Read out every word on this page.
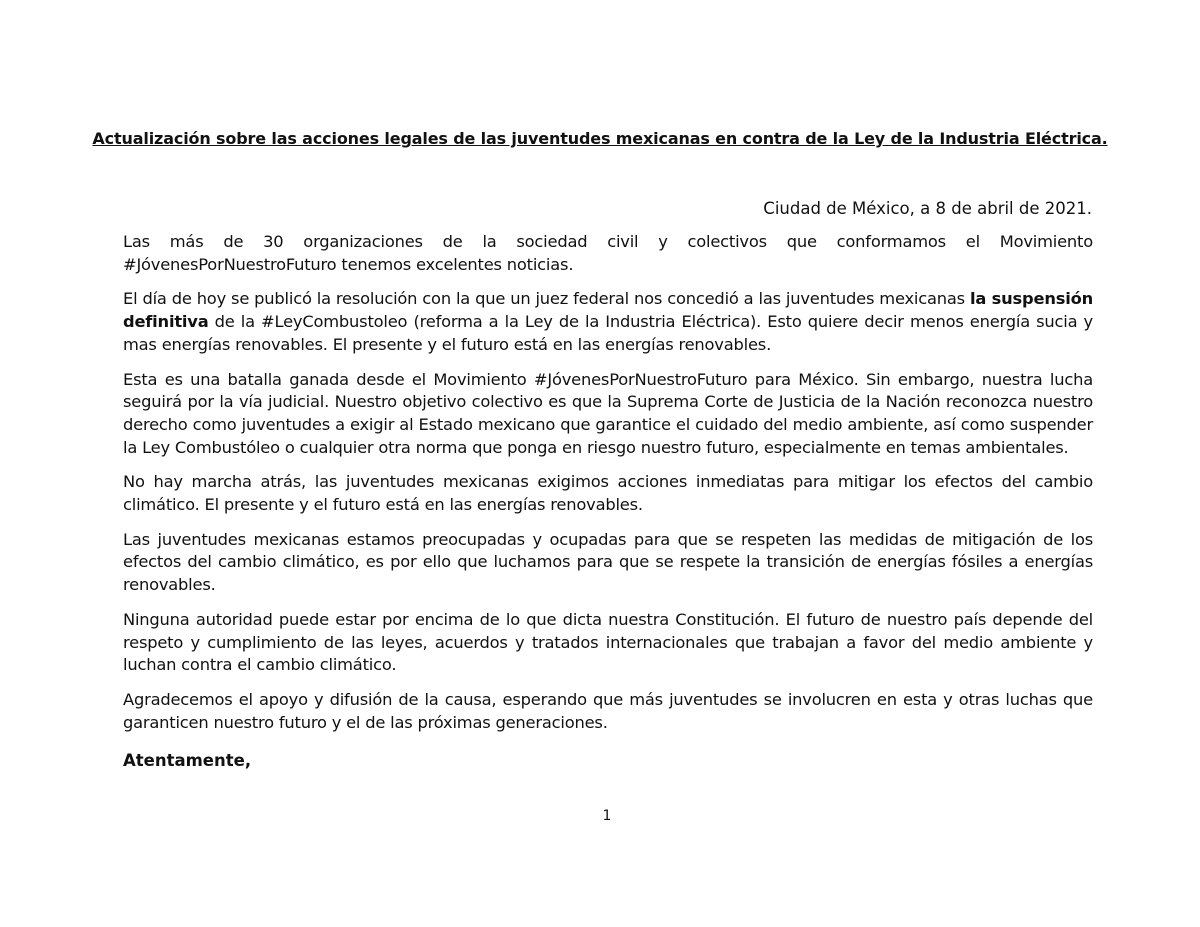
Actualización sobre las acciones legales de las juventudes mexicanas en contra de la Ley de la Industria Eléctrica.
Ciudad de México, a 8 de abril de 2021.

Las más de 30 organizaciones de la sociedad civil y colectivos que conformamos el Movimiento #JóvenesPorNuestroFuturo tenemos excelentes noticias.

El día de hoy se publicó la resolución con la que un juez federal nos concedió a las juventudes mexicanas la suspensión definitiva de la #LeyCombustoleo (reforma a la Ley de la Industria Eléctrica). Esto quiere decir menos energía sucia y mas energías renovables. El presente y el futuro está en las energías renovables.

Esta es una batalla ganada desde el Movimiento #JóvenesPorNuestroFuturo para México. Sin embargo, nuestra lucha seguirá por la vía judicial. Nuestro objetivo colectivo es que la Suprema Corte de Justicia de la Nación reconozca nuestro derecho como juventudes a exigir al Estado mexicano que garantice el cuidado del medio ambiente, así como suspender la Ley Combustóleo o cualquier otra norma que ponga en riesgo nuestro futuro, especialmente en temas ambientales.

No hay marcha atrás, las juventudes mexicanas exigimos acciones inmediatas para mitigar los efectos del cambio climático. El presente y el futuro está en las energías renovables.

Las juventudes mexicanas estamos preocupadas y ocupadas para que se respeten las medidas de mitigación de los efectos del cambio climático, es por ello que luchamos para que se respete la transición de energías fósiles a energías renovables.

Ninguna autoridad puede estar por encima de lo que dicta nuestra Constitución. El futuro de nuestro país depende del respeto y cumplimiento de las leyes, acuerdos y tratados internacionales que trabajan a favor del medio ambiente y luchan contra el cambio climático.

Agradecemos el apoyo y difusión de la causa, esperando que más juventudes se involucren en esta y otras luchas que garanticen nuestro futuro y el de las próximas generaciones.

Atentamente,
1
